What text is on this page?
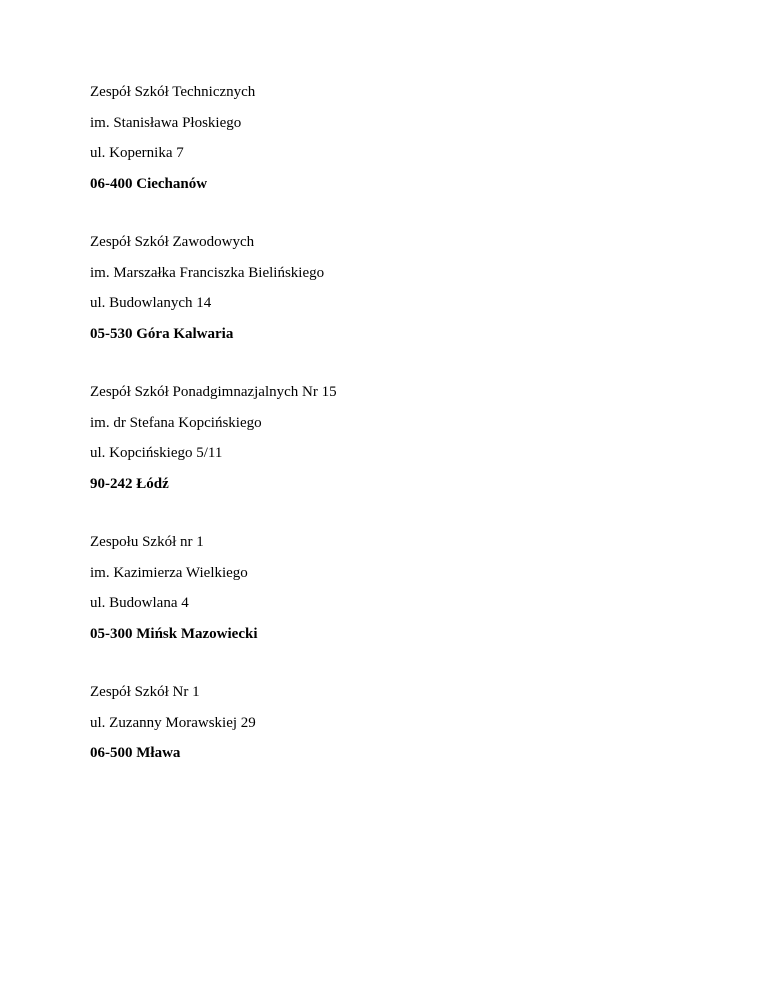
Zespół Szkół Technicznych
im. Stanisława Płoskiego
ul. Kopernika 7
06-400 Ciechanów
Zespół Szkół Zawodowych
im. Marszałka Franciszka Bielińskiego
ul. Budowlanych 14
05-530 Góra Kalwaria
Zespół Szkół Ponadgimnazjalnych Nr 15
im. dr Stefana Kopcińskiego
ul. Kopcińskiego 5/11
90-242 Łódź
Zespołu Szkół nr 1
im. Kazimierza Wielkiego
ul. Budowlana 4
05-300 Mińsk Mazowiecki
Zespół Szkół Nr 1
ul. Zuzanny Morawskiej 29
06-500 Mława
